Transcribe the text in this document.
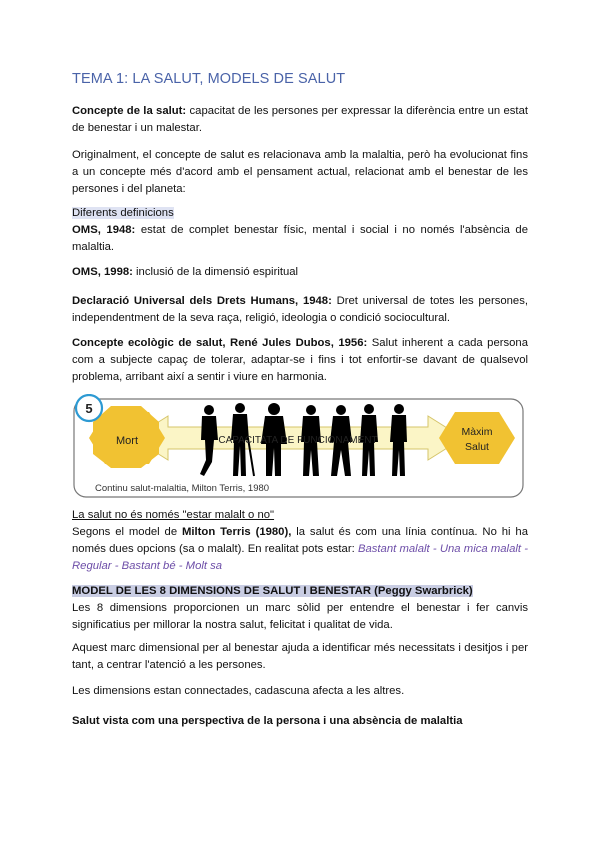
TEMA 1: LA SALUT, MODELS DE SALUT
Concepte de la salut: capacitat de les persones per expressar la diferència entre un estat de benestar i un malestar.
Originalment, el concepte de salut es relacionava amb la malaltia, però ha evolucionat fins a un concepte més d'acord amb el pensament actual, relacionat amb el benestar de les persones i del planeta:
Diferents definicions
OMS, 1948: estat de complet benestar físic, mental i social i no només l'absència de malaltia.
OMS, 1998: inclusió de la dimensió espiritual
Declaració Universal dels Drets Humans, 1948: Dret universal de totes les persones, independentment de la seva raça, religió, ideologia o condició sociocultural.
Concepte ecològic de salut, René Jules Dubos, 1956: Salut inherent a cada persona com a subjecte capaç de tolerar, adaptar-se i fins i tot enfortir-se davant de qualsevol problema, arribant així a sentir i viure en harmonia.
5
Mort	CAPACITATA DE FUNCIONAMENT
Màxim
Salut
Continu salut-malaltia, Milton Terris, 1980
La salut no és només "estar malalt o no"
Segons el model de Milton Terris (1980), la salut és com una línia contínua. No hi ha només dues opcions (sa o malalt). En realitat pots estar: Bastant malalt - Una mica malalt - Regular - Bastant bé - Molt sa
MODEL DE LES 8 DIMENSIONS DE SALUT I BENESTAR (Peggy Swarbrick)
Les 8 dimensions proporcionen un marc sòlid per entendre el benestar i fer canvis significatius per millorar la nostra salut, felicitat i qualitat de vida.
Aquest marc dimensional per al benestar ajuda a identificar més necessitats i desitjos i per tant, a centrar l'atenció a les persones.
Les dimensions estan connectades, cadascuna afecta a les altres.
Salut vista com una perspectiva de la persona i una absència de malaltia
